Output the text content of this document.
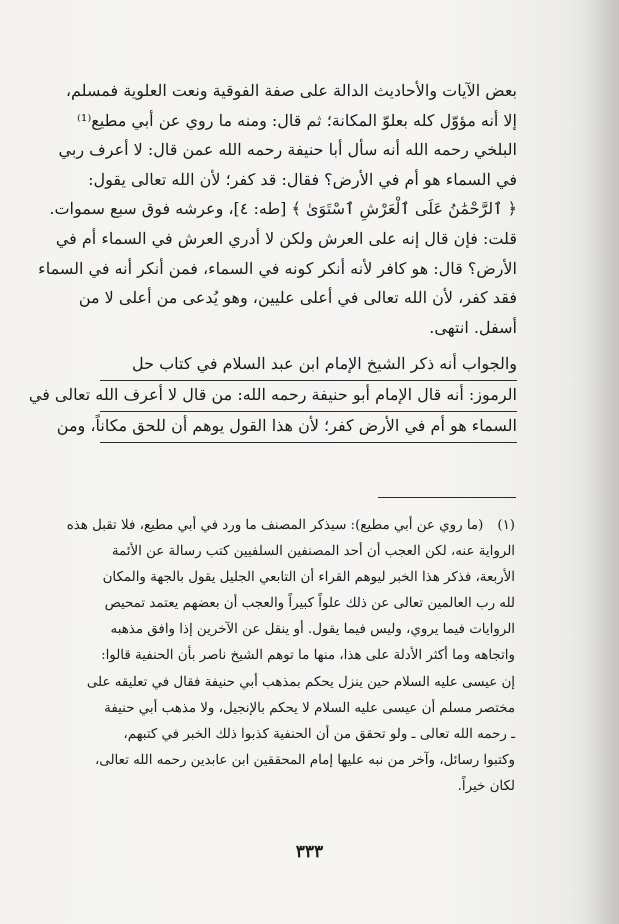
بعض الآيات والأحاديث الدالة على صفة الفوقية ونعت العلوية فمسلم،
إلا أنه مؤوّل كله بعلوّ المكانة؛ ثم قال: ومنه ما روي عن أبي مطيع⁽¹⁾
البلخي رحمه الله أنه سأل أبا حنيفة رحمه الله عمن قال: لا أعرف ربي
في السماء هو أم في الأرض؟ فقال: قد كفر؛ لأن الله تعالى يقول:
﴿ ٱلرَّحْمَٰنُ عَلَى ٱلْعَرْشِ ٱسْتَوَىٰ ﴾ [طه: ٤]، وعرشه فوق سبع سموات.
قلت: فإن قال إنه على العرش ولكن لا أدري العرش في السماء أم في
الأرض؟ قال: هو كافر لأنه أنكر كونه في السماء، فمن أنكر أنه في السماء
فقد كفر، لأن الله تعالى في أعلى عليين، وهو يُدعى من أعلى لا من
أسفل. انتهى.
والجواب أنه ذكر الشيخ الإمام ابن عبد السلام في كتاب حل
الرموز: أنه قال الإمام أبو حنيفة رحمه الله: من قال لا أعرف الله تعالى في
السماء هو أم في الأرض كفر؛ لأن هذا القول يوهم أن للحق مكاناً، ومن
(١)(ما روي عن أبي مطيع): سيذكر المصنف ما ورد في أبي مطيع، فلا تقبل هذه
الرواية عنه، لكن العجب أن أحد المصنفين السلفيين كتب رسالة عن الأئمة
الأربعة، فذكر هذا الخبر ليوهم القراء أن التابعي الجليل يقول بالجهة والمكان
لله رب العالمين تعالى عن ذلك علواً كبيراً والعجب أن بعضهم يعتمد تمحيص
الروايات فيما يروي، وليس فيما يقول. أو ينقل عن الآخرين إذا وافق مذهبه
واتجاهه وما أكثر الأدلة على هذا، منها ما توهم الشيخ ناصر بأن الحنفية قالوا:
إن عيسى عليه السلام حين ينزل يحكم بمذهب أبي حنيفة فقال في تعليقه على
مختصر مسلم أن عيسى عليه السلام لا يحكم بالإنجيل، ولا مذهب أبي حنيفة
ـ رحمه الله تعالى ـ ولو تحقق من أن الحنفية كذبوا ذلك الخبر في كتبهم،
وكتبوا رسائل، وآخر من نبه عليها إمام المحققين ابن عابدين رحمه الله تعالى،
لكان خيراً.
٣٣٣
